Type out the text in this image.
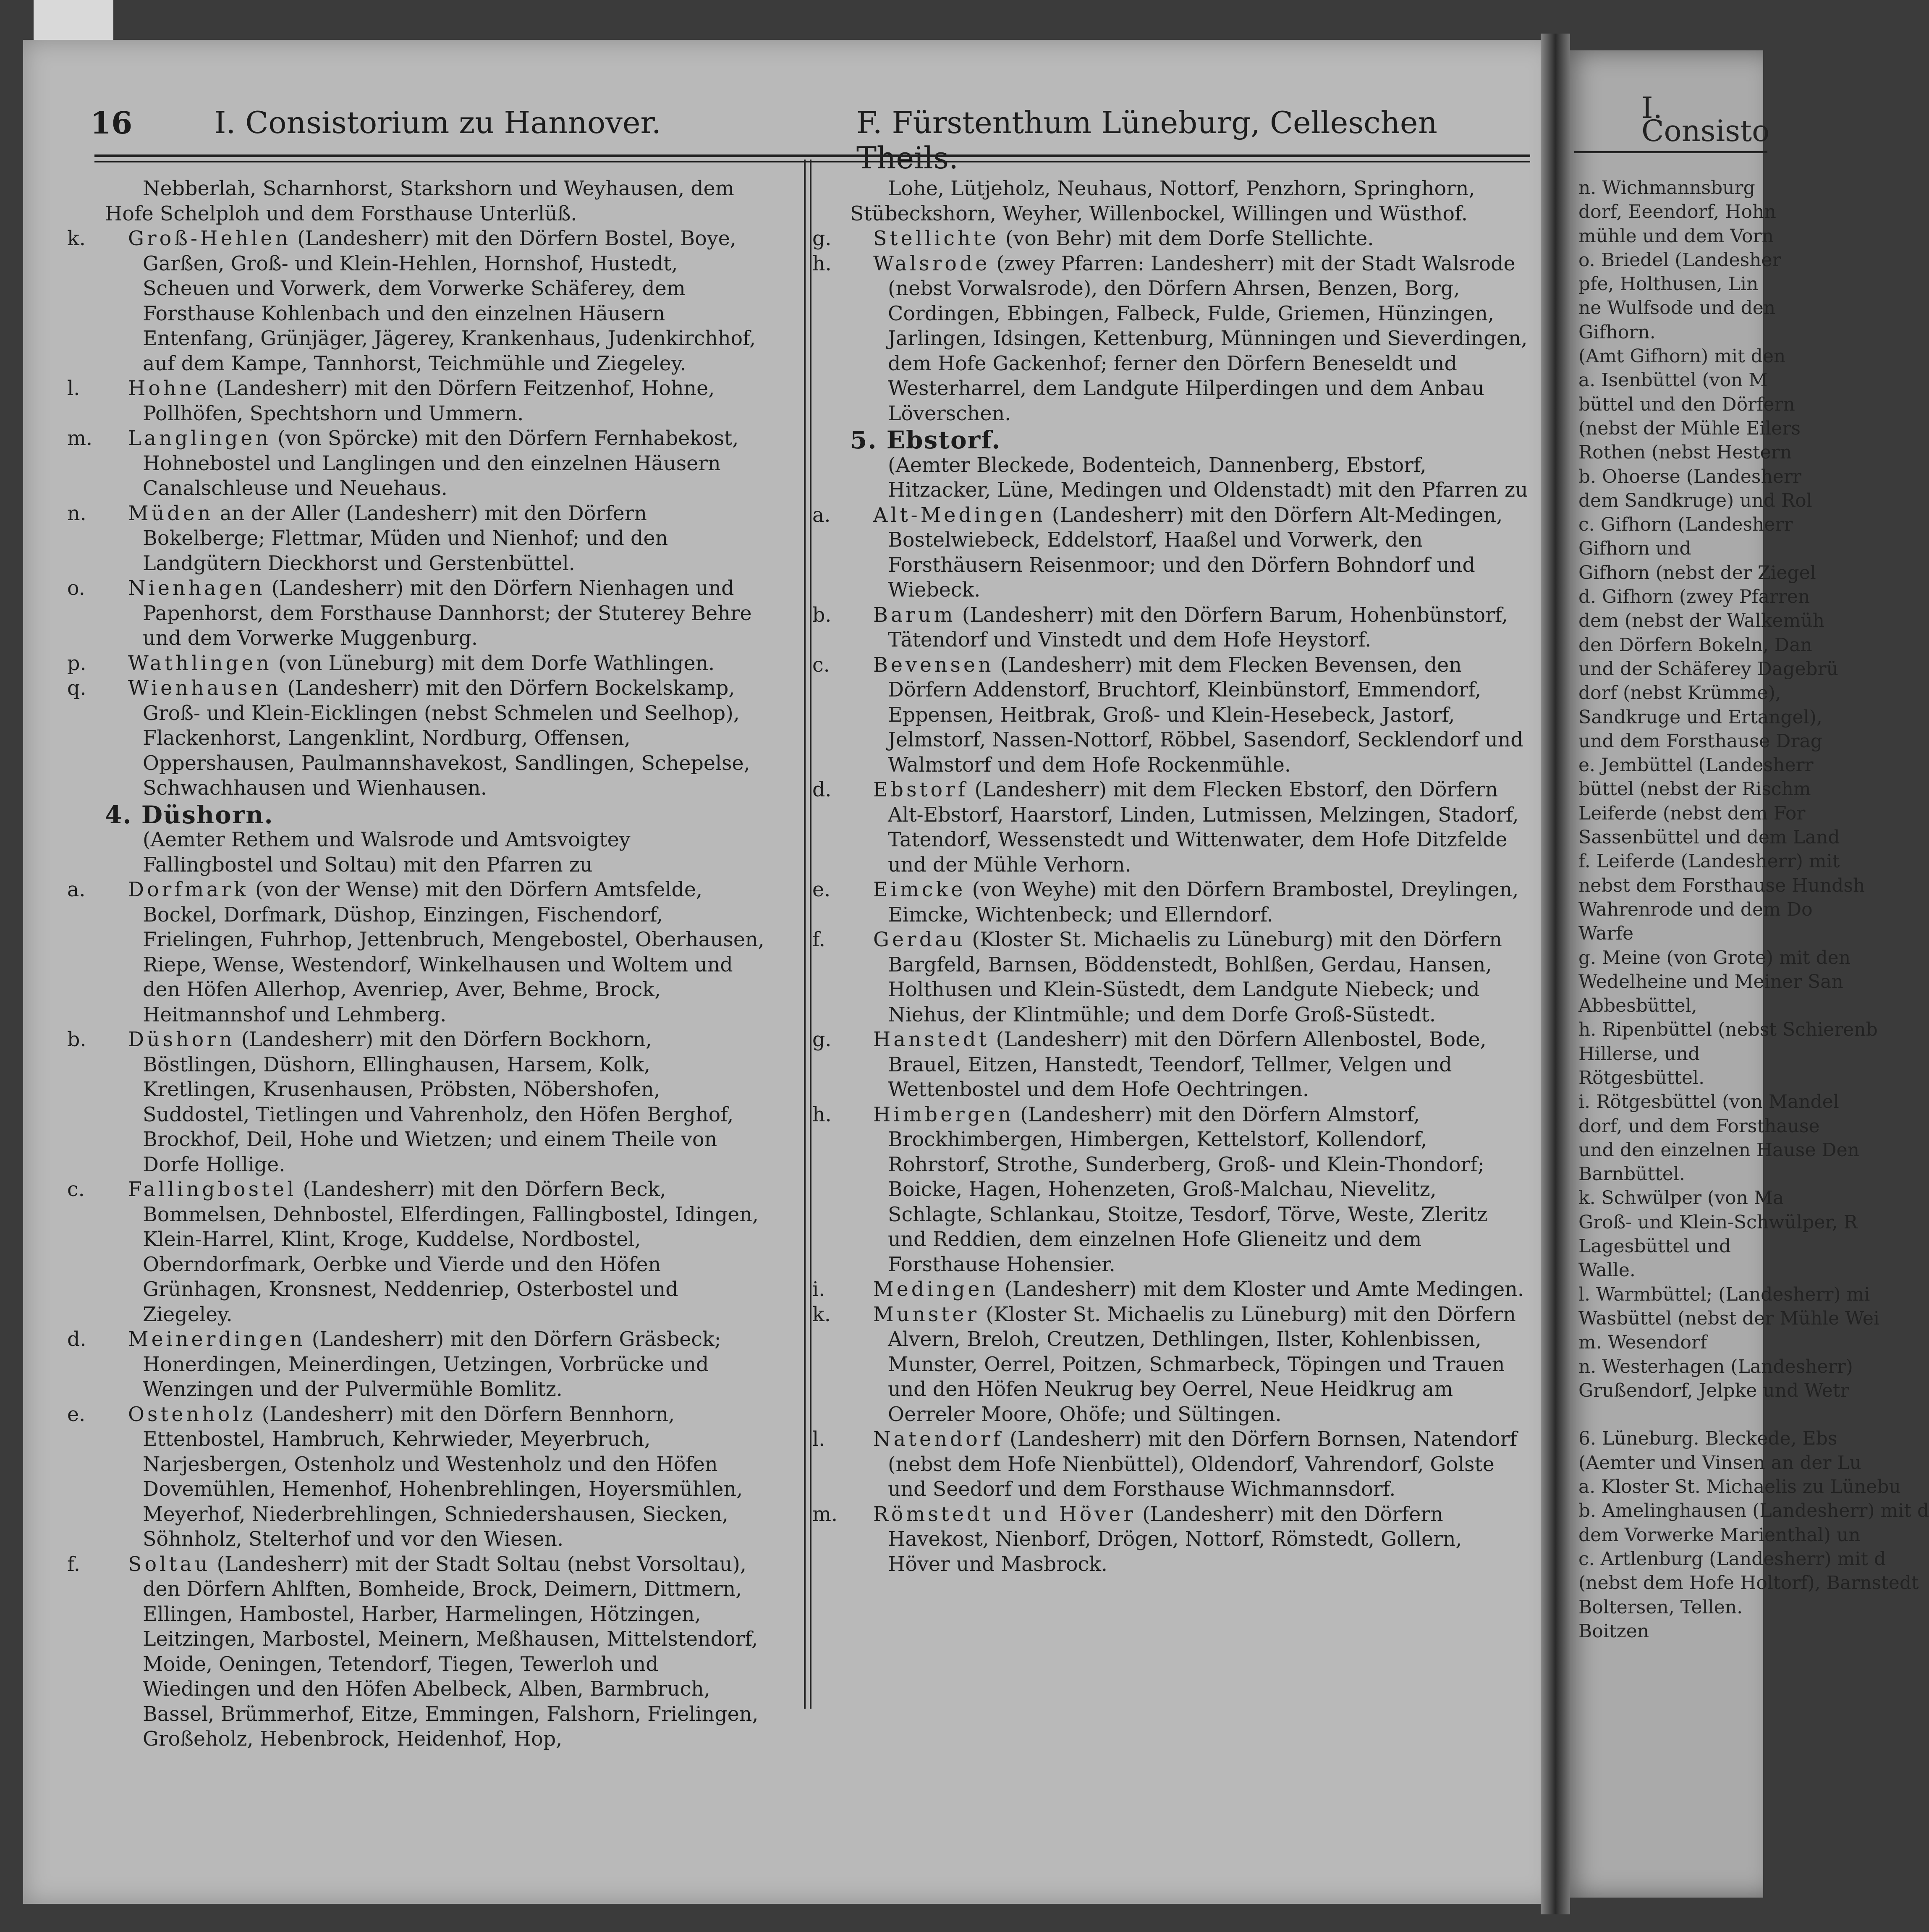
I. Consisto
n. Wichmannsburg
dorf, Eeendorf, Hohn
mühle und dem Vorn
o. Briedel (Landesher
pfe, Holthusen, Lin
ne Wulfsode und den
Gifhorn.
(Amt Gifhorn) mit den
a. Isenbüttel (von M
büttel und den Dörfern
(nebst der Mühle Eilers
Rothen (nebst Hestern
b. Ohoerse (Landesherr
dem Sandkruge) und Rol
c. Gifhorn (Landesherr
Gifhorn und
Gifhorn (nebst der Ziegel
d. Gifhorn (zwey Pfarren
dem (nebst der Walkemüh
den Dörfern Bokeln, Dan
und der Schäferey Dagebrü
dorf (nebst Krümme),
Sandkruge und Ertangel),
und dem Forsthause Drag
e. Jembüttel (Landesherr
büttel (nebst der Rischm
Leiferde (nebst dem For
Sassenbüttel und dem Land
f. Leiferde (Landesherr) mit
nebst dem Forsthause Hundsh
Wahrenrode und dem Do
Warfe
g. Meine (von Grote) mit den
Wedelheine und Meiner San
Abbesbüttel,
h. Ripenbüttel (nebst Schierenb
Hillerse, und
Rötgesbüttel.
i. Rötgesbüttel (von Mandel
dorf, und dem Forsthause
und den einzelnen Hause Den
Barnbüttel.
k. Schwülper (von Ma
Groß- und Klein-Schwülper, R
Lagesbüttel und
Walle.
l. Warmbüttel; (Landesherr) mi
Wasbüttel (nebst der Mühle Wei
m. Wesendorf
n. Westerhagen (Landesherr)
Grußendorf, Jelpke und Wetr
6. Lüneburg. Bleckede, Ebs
(Aemter und Vinsen an der Lu
a. Kloster St. Michaelis zu Lünebu
b. Amelinghausen (Landesherr) mit d
dem Vorwerke Marienthal) un
c. Artlenburg (Landesherr) mit d
(nebst dem Hofe Holtorf), Barnstedt
Boltersen, Tellen.
Boitzen
16	I. Consistorium zu Hannover.	F. Fürstenthum Lüneburg, Celleschen Theils.

Nebberlah, Scharnhorst, Starkshorn und Weyhausen, dem Hofe Schelploh und dem Forsthause Unterlüß.

k. Groß-Hehlen (Landesherr) mit den Dörfern Bostel, Boye, Garßen, Groß- und Klein-Hehlen, Hornshof, Hustedt, Scheuen und Vorwerk, dem Vorwerke Schäferey, dem Forsthause Kohlenbach und den einzelnen Häusern Entenfang, Grünjäger, Jägerey, Krankenhaus, Judenkirchhof, auf dem Kampe, Tannhorst, Teichmühle und Ziegeley.

l. Hohne (Landesherr) mit den Dörfern Feitzenhof, Hohne, Pollhöfen, Spechtshorn und Ummern.

m. Langlingen (von Spörcke) mit den Dörfern Fernhabekost, Hohnebostel und Langlingen und den einzelnen Häusern Canalschleuse und Neuehaus.

n. Müden an der Aller (Landesherr) mit den Dörfern Bokelberge; Flettmar, Müden und Nienhof; und den Landgütern Dieckhorst und Gerstenbüttel.

o. Nienhagen (Landesherr) mit den Dörfern Nienhagen und Papenhorst, dem Forsthause Dannhorst; der Stuterey Behre und dem Vorwerke Muggenburg.

p. Wathlingen (von Lüneburg) mit dem Dorfe Wathlingen.

q. Wienhausen (Landesherr) mit den Dörfern Bockelskamp, Groß- und Klein-Eicklingen (nebst Schmelen und Seelhop), Flackenhorst, Langenklint, Nordburg, Offensen, Oppershausen, Paulmannshavekost, Sandlingen, Schepelse, Schwachhausen und Wienhausen.

4. Düshorn.

(Aemter Rethem und Walsrode und Amtsvoigtey Fallingbostel und Soltau) mit den Pfarren zu

a. Dorfmark (von der Wense) mit den Dörfern Amtsfelde, Bockel, Dorfmark, Düshop, Einzingen, Fischendorf, Frielingen, Fuhrhop, Jettenbruch, Mengebostel, Oberhausen, Riepe, Wense, Westendorf, Winkelhausen und Woltem und den Höfen Allerhop, Avenriep, Aver, Behme, Brock, Heitmannshof und Lehmberg.

b. Düshorn (Landesherr) mit den Dörfern Bockhorn, Böstlingen, Düshorn, Ellinghausen, Harsem, Kolk, Kretlingen, Krusenhausen, Pröbsten, Nöbershofen, Suddostel, Tietlingen und Vahrenholz, den Höfen Berghof, Brockhof, Deil, Hohe und Wietzen; und einem Theile von Dorfe Hollige.

c. Fallingbostel (Landesherr) mit den Dörfern Beck, Bommelsen, Dehnbostel, Elferdingen, Fallingbostel, Idingen, Klein-Harrel, Klint, Kroge, Kuddelse, Nordbostel, Oberndorfmark, Oerbke und Vierde und den Höfen Grünhagen, Kronsnest, Neddenriep, Osterbostel und Ziegeley.

d. Meinerdingen (Landesherr) mit den Dörfern Gräsbeck; Honerdingen, Meinerdingen, Uetzingen, Vorbrücke und Wenzingen und der Pulvermühle Bomlitz.

e. Ostenholz (Landesherr) mit den Dörfern Bennhorn, Ettenbostel, Hambruch, Kehrwieder, Meyerbruch, Narjesbergen, Ostenholz und Westenholz und den Höfen Dovemühlen, Hemenhof, Hohenbrehlingen, Hoyersmühlen, Meyerhof, Niederbrehlingen, Schniedershausen, Siecken, Söhnholz, Stelterhof und vor den Wiesen.

f. Soltau (Landesherr) mit der Stadt Soltau (nebst Vorsoltau), den Dörfern Ahlften, Bomheide, Brock, Deimern, Dittmern, Ellingen, Hambostel, Harber, Harmelingen, Hötzingen, Leitzingen, Marbostel, Meinern, Meßhausen, Mittelstendorf, Moide, Oeningen, Tetendorf, Tiegen, Tewerloh und Wiedingen und den Höfen Abelbeck, Alben, Barmbruch, Bassel, Brümmerhof, Eitze, Emmingen, Falshorn, Frielingen, Großeholz, Hebenbrock, Heidenhof, Hop,

Lohe, Lütjeholz, Neuhaus, Nottorf, Penzhorn, Springhorn, Stübeckshorn, Weyher, Willenbockel, Willingen und Wüsthof.

g. Stellichte (von Behr) mit dem Dorfe Stellichte.

h. Walsrode (zwey Pfarren: Landesherr) mit der Stadt Walsrode (nebst Vorwalsrode), den Dörfern Ahrsen, Benzen, Borg, Cordingen, Ebbingen, Falbeck, Fulde, Griemen, Hünzingen, Jarlingen, Idsingen, Kettenburg, Münningen und Sieverdingen, dem Hofe Gackenhof; ferner den Dörfern Beneseldt und Westerharrel, dem Landgute Hilperdingen und dem Anbau Löverschen.

5. Ebstorf.

(Aemter Bleckede, Bodenteich, Dannenberg, Ebstorf, Hitzacker, Lüne, Medingen und Oldenstadt) mit den Pfarren zu

a. Alt-Medingen (Landesherr) mit den Dörfern Alt-Medingen, Bostelwiebeck, Eddelstorf, Haaßel und Vorwerk, den Forsthäusern Reisenmoor; und den Dörfern Bohndorf und Wiebeck.

b. Barum (Landesherr) mit den Dörfern Barum, Hohenbünstorf, Tätendorf und Vinstedt und dem Hofe Heystorf.

c. Bevensen (Landesherr) mit dem Flecken Bevensen, den Dörfern Addenstorf, Bruchtorf, Kleinbünstorf, Emmendorf, Eppensen, Heitbrak, Groß- und Klein-Hesebeck, Jastorf, Jelmstorf, Nassen-Nottorf, Röbbel, Sasendorf, Secklendorf und Walmstorf und dem Hofe Rockenmühle.

d. Ebstorf (Landesherr) mit dem Flecken Ebstorf, den Dörfern Alt-Ebstorf, Haarstorf, Linden, Lutmissen, Melzingen, Stadorf, Tatendorf, Wessenstedt und Wittenwater, dem Hofe Ditzfelde und der Mühle Verhorn.

e. Eimcke (von Weyhe) mit den Dörfern Brambostel, Dreylingen, Eimcke, Wichtenbeck; und Ellerndorf.

f. Gerdau (Kloster St. Michaelis zu Lüneburg) mit den Dörfern Bargfeld, Barnsen, Böddenstedt, Bohlßen, Gerdau, Hansen, Holthusen und Klein-Süstedt, dem Landgute Niebeck; und Niehus, der Klintmühle; und dem Dorfe Groß-Süstedt.

g. Hanstedt (Landesherr) mit den Dörfern Allenbostel, Bode, Brauel, Eitzen, Hanstedt, Teendorf, Tellmer, Velgen und Wettenbostel und dem Hofe Oechtringen.

h. Himbergen (Landesherr) mit den Dörfern Almstorf, Brockhimbergen, Himbergen, Kettelstorf, Kollendorf, Rohrstorf, Strothe, Sunderberg, Groß- und Klein-Thondorf; Boicke, Hagen, Hohenzeten, Groß-Malchau, Nievelitz, Schlagte, Schlankau, Stoitze, Tesdorf, Törve, Weste, Zleritz und Reddien, dem einzelnen Hofe Glieneitz und dem Forsthause Hohensier.

i. Medingen (Landesherr) mit dem Kloster und Amte Medingen.

k. Munster (Kloster St. Michaelis zu Lüneburg) mit den Dörfern Alvern, Breloh, Creutzen, Dethlingen, Ilster, Kohlenbissen, Munster, Oerrel, Poitzen, Schmarbeck, Töpingen und Trauen und den Höfen Neukrug bey Oerrel, Neue Heidkrug am Oerreler Moore, Ohöfe; und Sültingen.

l. Natendorf (Landesherr) mit den Dörfern Bornsen, Natendorf (nebst dem Hofe Nienbüttel), Oldendorf, Vahrendorf, Golste und Seedorf und dem Forsthause Wichmannsdorf.

m. Römstedt und Höver (Landesherr) mit den Dörfern Havekost, Nienborf, Drögen, Nottorf, Römstedt, Gollern, Höver und Masbrock.
